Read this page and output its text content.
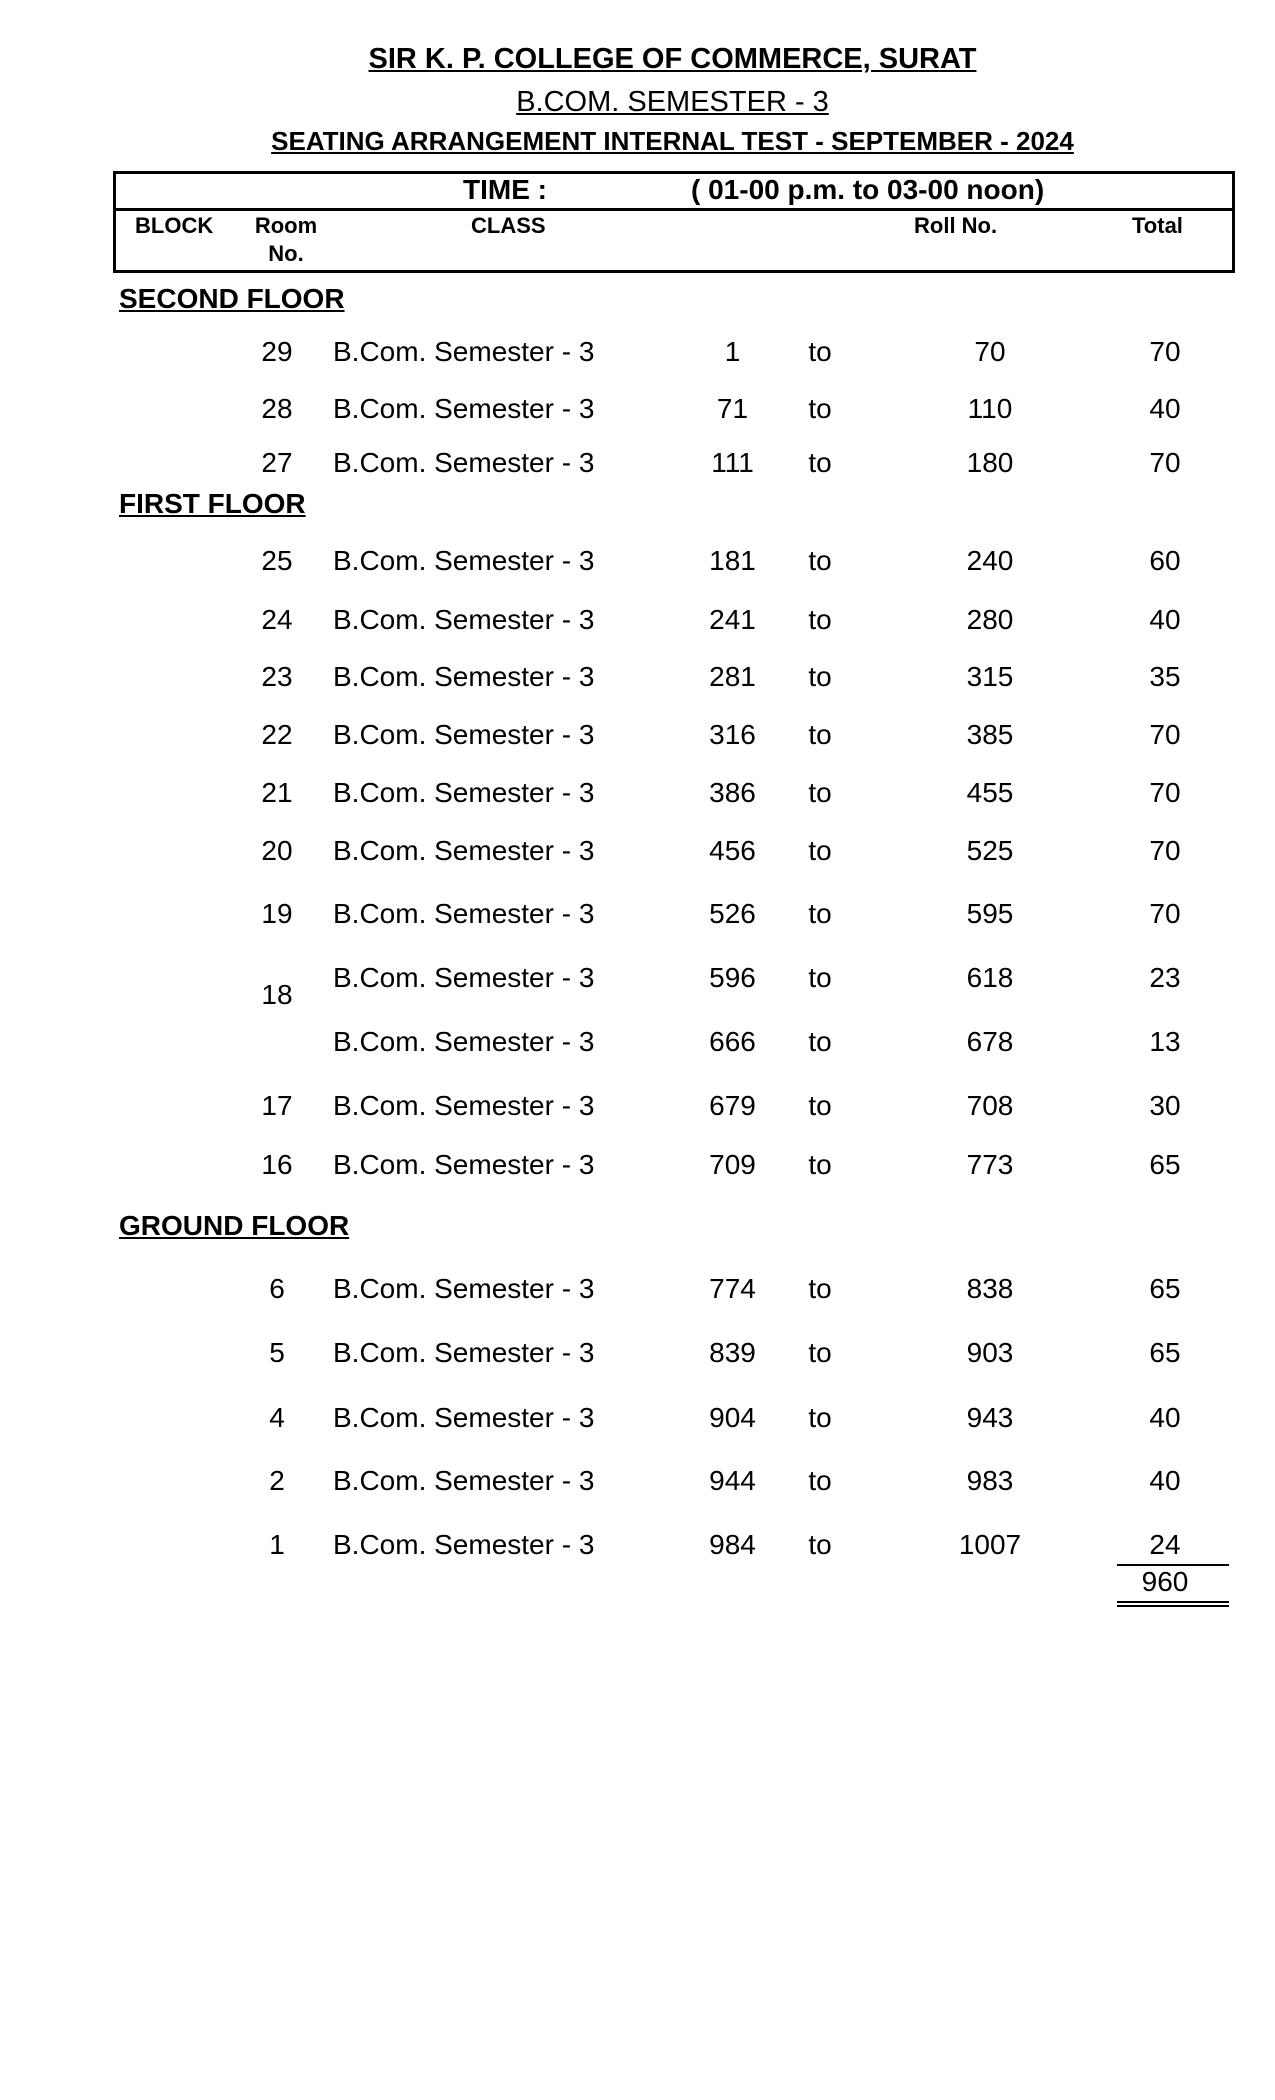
SIR K. P. COLLEGE OF COMMERCE, SURAT
B.COM. SEMESTER - 3
SEATING ARRANGEMENT INTERNAL TEST - SEPTEMBER - 2024
TIME :	( 01-00 p.m. to 03-00 noon)
BLOCK	Room
No.
CLASS	Roll No.	Total
SECOND FLOOR
FIRST FLOOR
GROUND FLOOR
29	B.Com. Semester - 3	1	to	70	70
28	B.Com. Semester - 3	71	to	110	40
27	B.Com. Semester - 3	111	to	180	70
25	B.Com. Semester - 3	181	to	240	60
24	B.Com. Semester - 3	241	to	280	40
23	B.Com. Semester - 3	281	to	315	35
22	B.Com. Semester - 3	316	to	385	70
21	B.Com. Semester - 3	386	to	455	70
20	B.Com. Semester - 3	456	to	525	70
19	B.Com. Semester - 3	526	to	595	70
18
B.Com. Semester - 3	596	to	618	23
B.Com. Semester - 3	666	to	678	13
17	B.Com. Semester - 3	679	to	708	30
16	B.Com. Semester - 3	709	to	773	65
6	B.Com. Semester - 3	774	to	838	65
5	B.Com. Semester - 3	839	to	903	65
4	B.Com. Semester - 3	904	to	943	40
2	B.Com. Semester - 3	944	to	983	40
1	B.Com. Semester - 3	984	to	1007	24
960
